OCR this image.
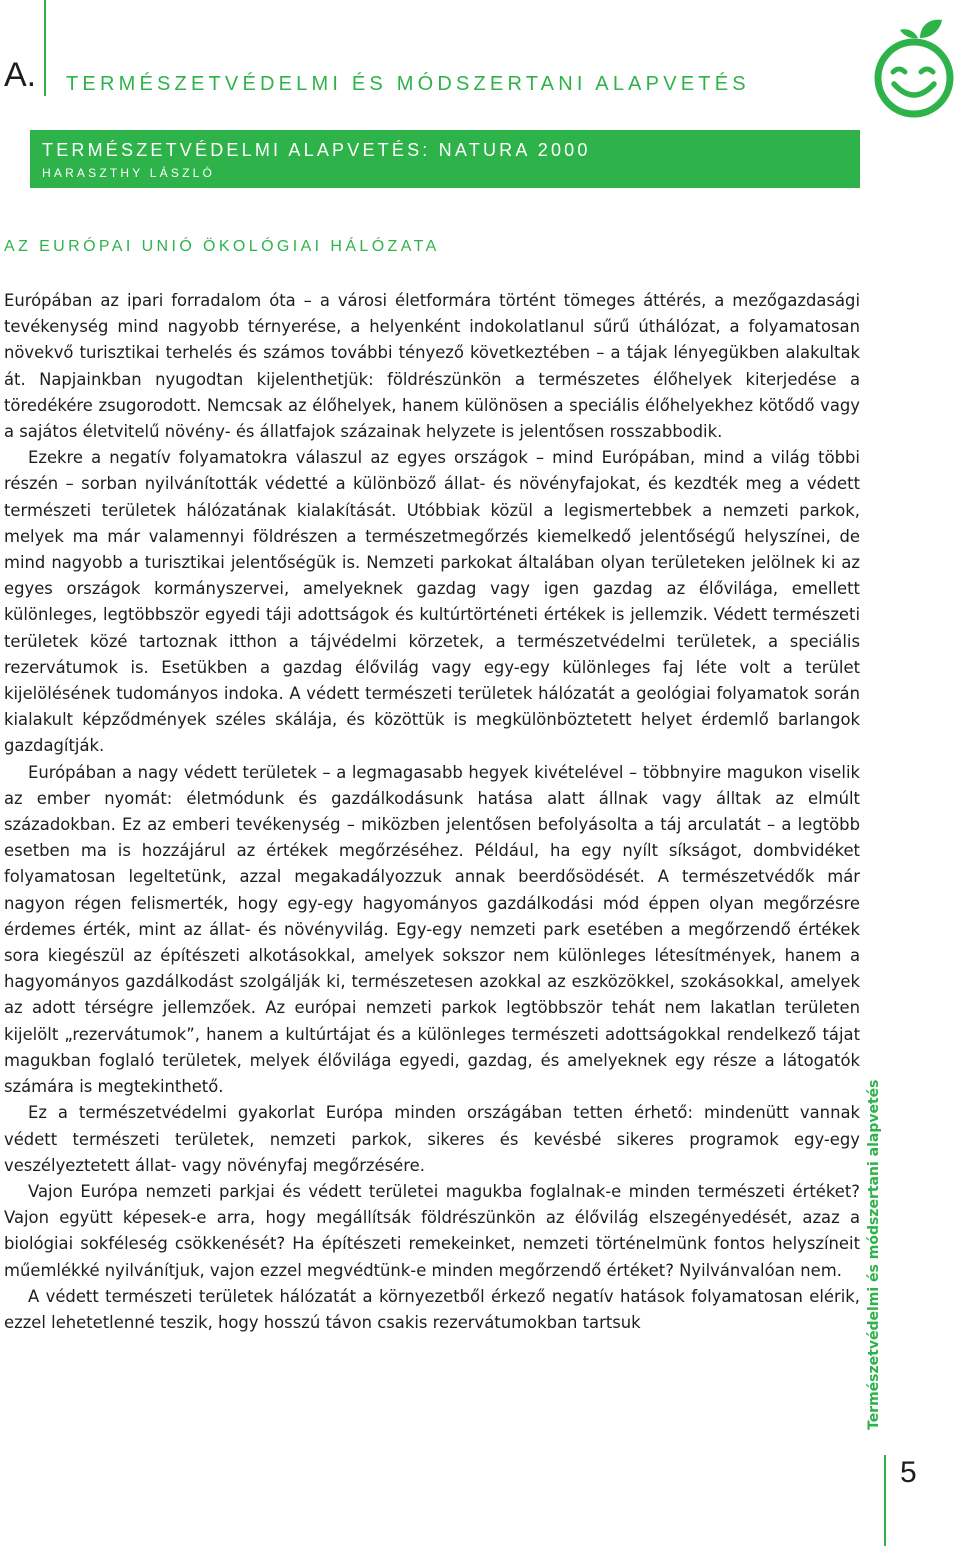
A. TERMÉSZETVÉDELMI ÉS MÓDSZERTANI ALAPVETÉS
TERMÉSZETVÉDELMI ALAPVETÉS: NATURA 2000
HARASZTHY LÁSZLÓ
AZ EURÓPAI UNIÓ ÖKOLÓGIAI HÁLÓZATA

Európában az ipari forradalom óta – a városi életformára történt tömeges áttérés, a mezőgazdasági tevékenység mind nagyobb térnyerése, a helyenként indokolatlanul sűrű úthálózat, a folyamatosan növekvő turisztikai terhelés és számos további tényező következtében – a tájak lényegükben alakultak át. Napjainkban nyugodtan kijelenthetjük: földrészünkön a természetes élőhelyek kiterjedése a töredékére zsugorodott. Nemcsak az élőhelyek, hanem különösen a speciális élőhelyekhez kötődő vagy a sajátos életvitelű növény- és állatfajok százainak helyzete is jelentősen rosszabbodik.

Ezekre a negatív folyamatokra válaszul az egyes országok – mind Európában, mind a világ többi részén – sorban nyilvánították védetté a különböző állat- és növényfajokat, és kezdték meg a védett természeti területek hálózatának kialakítását. Utóbbiak közül a legismertebbek a nemzeti parkok, melyek ma már valamennyi földrészen a természetmegőrzés kiemelkedő jelentőségű helyszínei, de mind nagyobb a turisztikai jelentőségük is. Nemzeti parkokat általában olyan területeken jelölnek ki az egyes országok kormányszervei, amelyeknek gazdag vagy igen gazdag az élővilága, emellett különleges, legtöbbször egyedi táji adottságok és kultúrtörténeti értékek is jellemzik. Védett természeti területek közé tartoznak itthon a tájvédelmi körzetek, a természetvédelmi területek, a speciális rezervátumok is. Esetükben a gazdag élővilág vagy egy-egy különleges faj léte volt a terület kijelölésének tudományos indoka. A védett természeti területek hálózatát a geológiai folyamatok során kialakult képződmények széles skálája, és közöttük is megkülönböztetett helyet érdemlő barlangok gazdagítják.

Európában a nagy védett területek – a legmagasabb hegyek kivételével – többnyire magukon viselik az ember nyomát: életmódunk és gazdálkodásunk hatása alatt állnak vagy álltak az elmúlt századokban. Ez az emberi tevékenység – miközben jelentősen befolyásolta a táj arculatát – a legtöbb esetben ma is hozzájárul az értékek megőrzéséhez. Például, ha egy nyílt síkságot, dombvidéket folyamatosan legeltetünk, azzal megakadályozzuk annak beerdősödését. A természetvédők már nagyon régen felismerték, hogy egy-egy hagyományos gazdálkodási mód éppen olyan megőrzésre érdemes érték, mint az állat- és növényvilág. Egy-egy nemzeti park esetében a megőrzendő értékek sora kiegészül az építészeti alkotásokkal, amelyek sokszor nem különleges létesítmények, hanem a hagyományos gazdálkodást szolgálják ki, természetesen azokkal az eszközökkel, szokásokkal, amelyek az adott térségre jellemzőek. Az európai nemzeti parkok legtöbbször tehát nem lakatlan területen kijelölt „rezervátumok”, hanem a kultúrtájat és a különleges természeti adottságokkal rendelkező tájat magukban foglaló területek, melyek élővilága egyedi, gazdag, és amelyeknek egy része a látogatók számára is megtekinthető.

Ez a természetvédelmi gyakorlat Európa minden országában tetten érhető: mindenütt vannak védett természeti területek, nemzeti parkok, sikeres és kevésbé sikeres programok egy-egy veszélyeztetett állat- vagy növényfaj megőrzésére.

Vajon Európa nemzeti parkjai és védett területei magukba foglalnak-e minden természeti értéket? Vajon együtt képesek-e arra, hogy megállítsák földrészünkön az élővilág elszegényedését, azaz a biológiai sokféleség csökkenését? Ha építészeti remekeinket, nemzeti történelmünk fontos helyszíneit műemlékké nyilvánítjuk, vajon ezzel megvédtünk-e minden megőrzendő értéket? Nyilvánvalóan nem.

A védett természeti területek hálózatát a környezetből érkező negatív hatások folyamatosan elérik, ezzel lehetetlenné teszik, hogy hosszú távon csakis rezervátumokban tartsuk	Természetvédelmi és módszertani alapvetés
5
